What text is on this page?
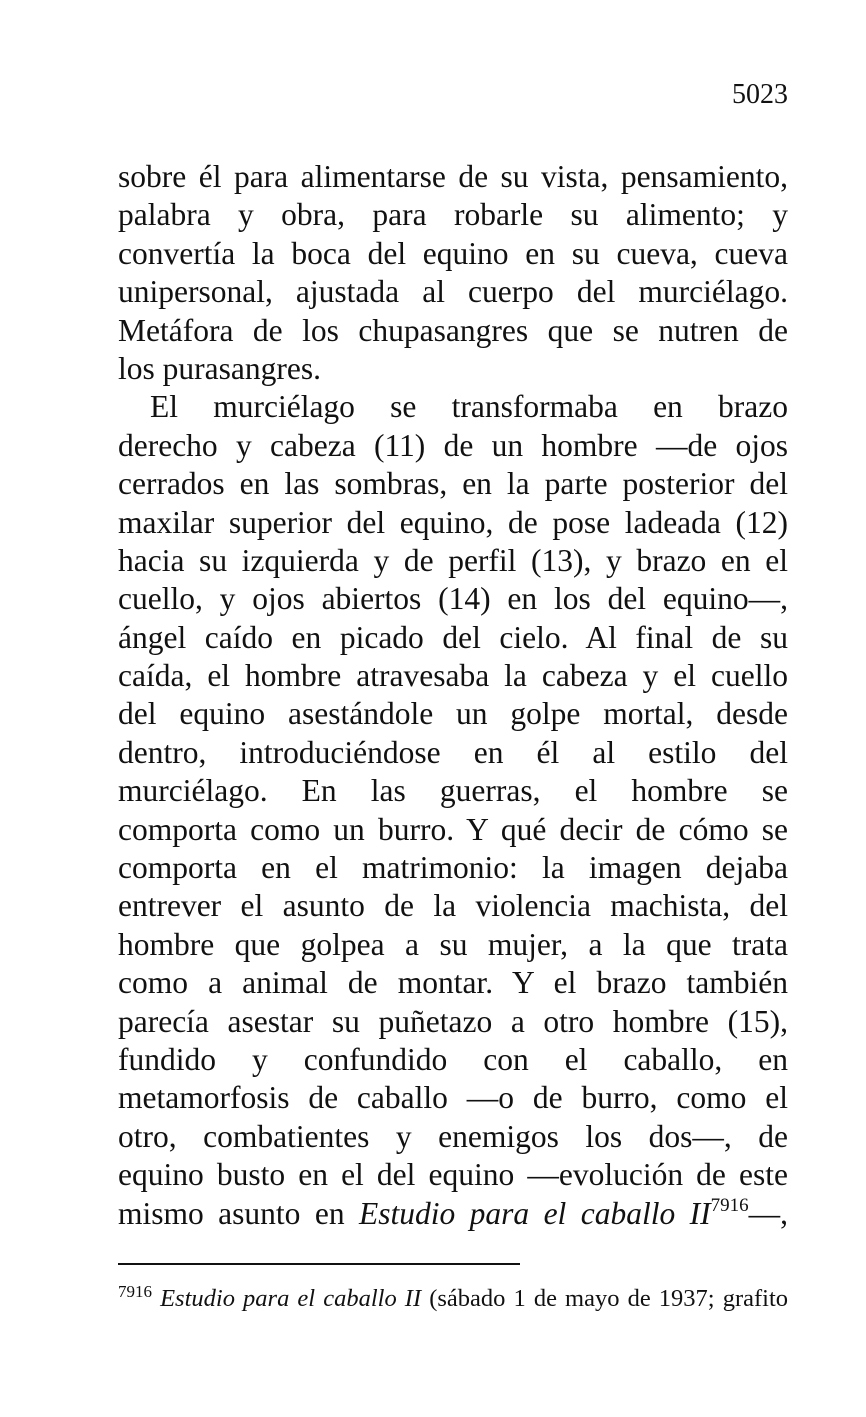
5023
sobre él para alimentarse de su vista, pensamiento,
palabra y obra, para robarle su alimento; y
convertía la boca del equino en su cueva, cueva
unipersonal, ajustada al cuerpo del murciélago.
Metáfora de los chupasangres que se nutren de
los purasangres.
El murciélago se transformaba en brazo
derecho y cabeza (11) de un hombre —de ojos
cerrados en las sombras, en la parte posterior del
maxilar superior del equino, de pose ladeada (12)
hacia su izquierda y de perfil (13), y brazo en el
cuello, y ojos abiertos (14) en los del equino—,
ángel caído en picado del cielo. Al final de su
caída, el hombre atravesaba la cabeza y el cuello
del equino asestándole un golpe mortal, desde
dentro, introduciéndose en él al estilo del
murciélago. En las guerras, el hombre se
comporta como un burro. Y qué decir de cómo se
comporta en el matrimonio: la imagen dejaba
entrever el asunto de la violencia machista, del
hombre que golpea a su mujer, a la que trata
como a animal de montar. Y el brazo también
parecía asestar su puñetazo a otro hombre (15),
fundido y confundido con el caballo, en
metamorfosis de caballo —o de burro, como el
otro, combatientes y enemigos los dos—, de
equino busto en el del equino —evolución de este
mismo asunto en Estudio para el caballo $II^{7916}—$,
$^{7916}$ Estudio para el caballo II (sábado 1 de mayo de 1937; grafito
